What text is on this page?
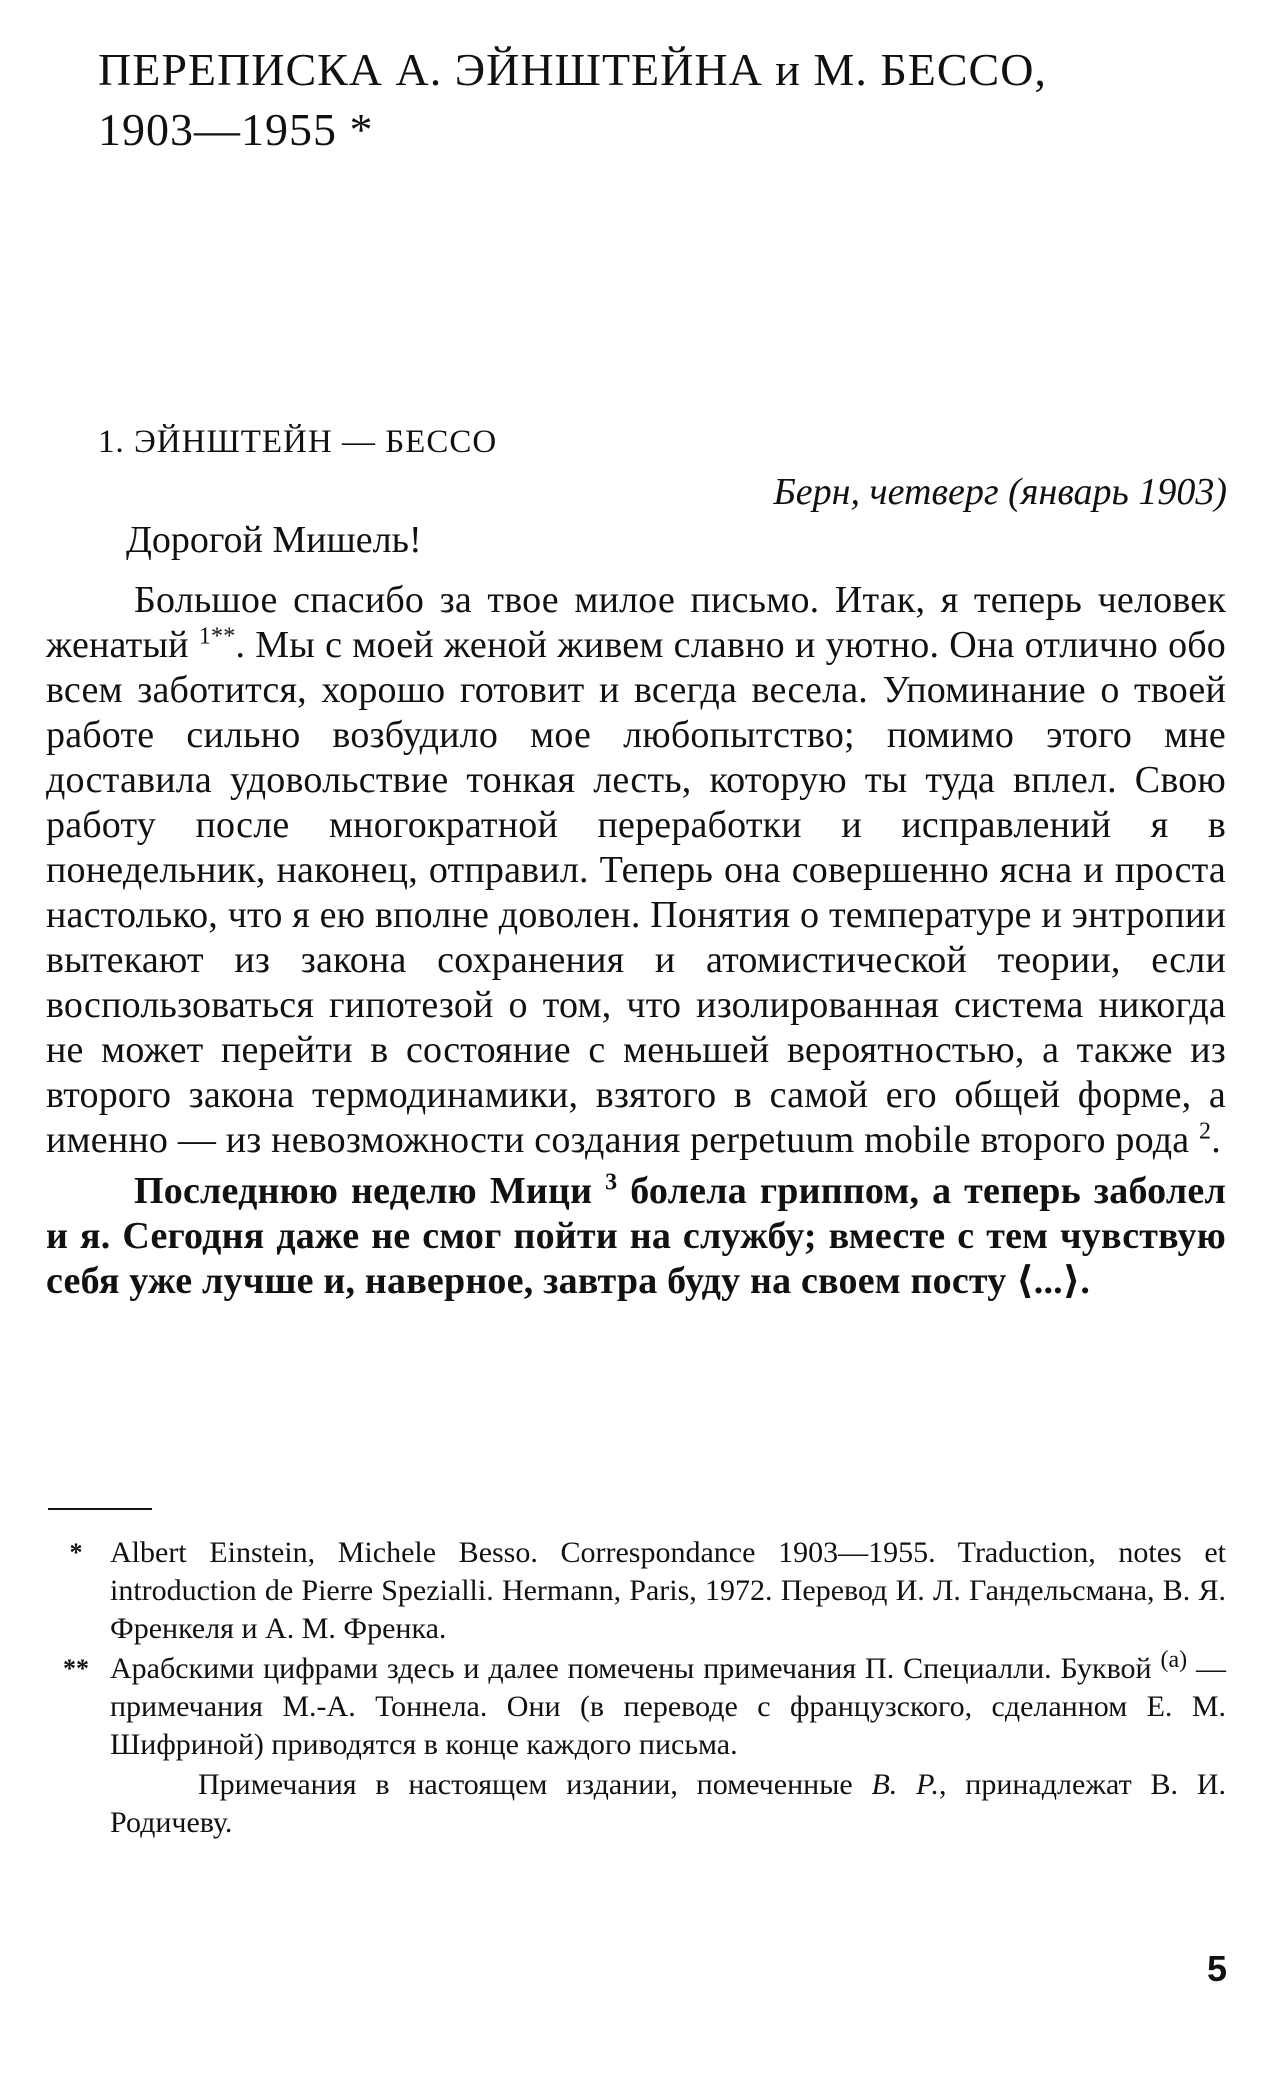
ПЕРЕПИСКА А. ЭЙНШТЕЙНА и М. БЕССО,
1903—1955 *
1. ЭЙНШТЕЙН — БЕССО
Берн, четверг (январь 1903)
Дорогой Мишель!

Большое спасибо за твое милое письмо. Итак, я теперь человек женатый $^{1**}$. Мы с моей женой живем славно и уютно. Она отлично обо всем заботится, хорошо готовит и всегда весела. Упоминание о твоей работе сильно возбудило мое любопытство; помимо этого мне доставила удовольствие тонкая лесть, которую ты туда вплел. Свою работу после многократной переработки и исправлений я в понедельник, наконец, отправил. Теперь она совершенно ясна и проста настолько, что я ею вполне доволен. Понятия о температуре и энтропии вытекают из закона сохранения и атомистической теории, если воспользоваться гипотезой о том, что изолированная система никогда не может перейти в состояние с меньшей вероятностью, а также из второго закона термодинамики, взятого в самой его общей форме, а именно — из невозможности создания perpetuum mobile второго рода $^2$.

Последнюю неделю Мици $^3$ болела гриппом, а теперь заболел и я. Сегодня даже не смог пойти на службу; вместе с тем чувствую себя уже лучше и, наверное, завтра буду на своем посту ⟨...⟩.

* Albert Einstein, Michele Besso. Correspondance 1903—1955. Traduction, notes et introduction de Pierre Spezialli. Hermann, Paris, 1972. Перевод И. Л. Гандельсмана, В. Я. Френкеля и А. М. Френка.
** Арабскими цифрами здесь и далее помечены примечания П. Специалли. Буквой $^{(a)}$ — примечания М.-А. Тоннела. Они (в переводе с французского, сделанном Е. М. Шифриной) приводятся в конце каждого письма.
Примечания в настоящем издании, помеченные В. Р., принадлежат В. И. Родичеву.
5
